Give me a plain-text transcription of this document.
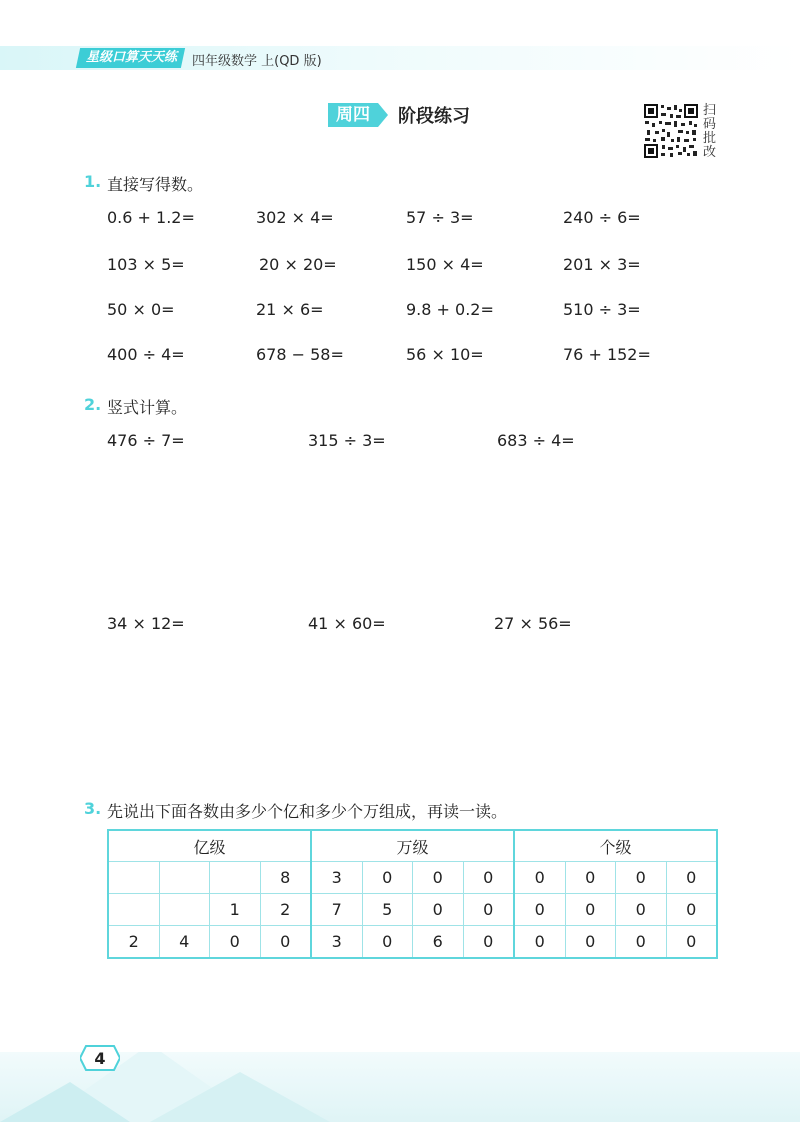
星级口算天天练	四年级数学 上(QD 版)
周四	阶段练习	扫码批改
1. 直接写得数。
0.6 + 1.2=	302 × 4=	57 ÷ 3=	240 ÷ 6=
103 × 5=	20 × 20=	150 × 4=	201 × 3=
50 × 0=	21 × 6=	9.8 + 0.2=	510 ÷ 3=
400 ÷ 4=	678 − 58=	56 × 10=	76 + 152=
2. 竖式计算。
476 ÷ 7=	315 ÷ 3=	683 ÷ 4=
34 × 12=	41 × 60=	27 × 56=
3. 先说出下面各数由多少个亿和多少个万组成，再读一读。
亿级				万级				个级			
			8	3	0	0	0	0	0	0	0
		1	2	7	5	0	0	0	0	0	0
2	4	0	0	3	0	6	0	0	0	0	0
4
